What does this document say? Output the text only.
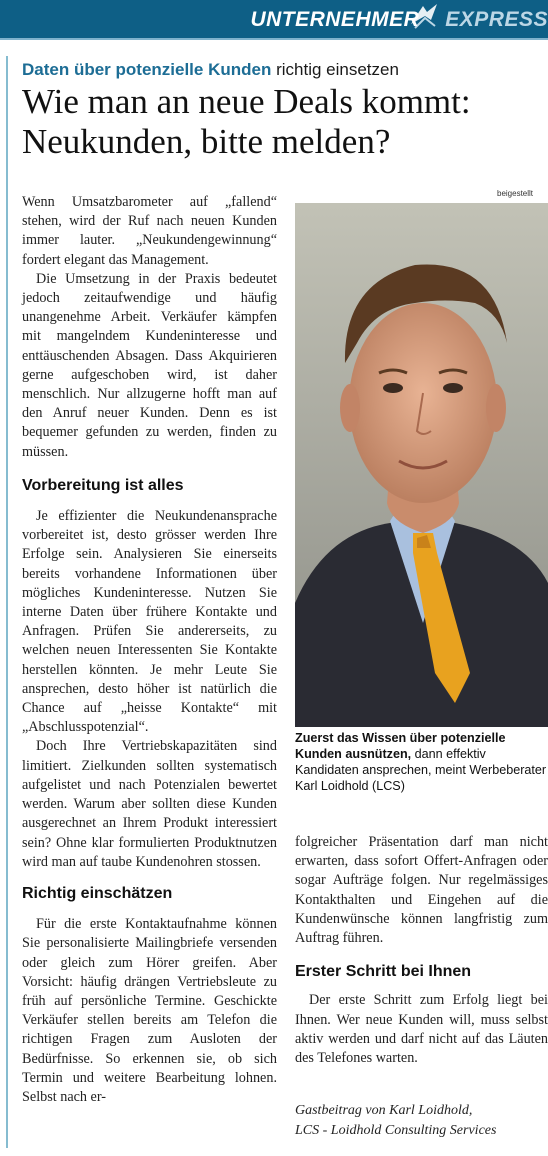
UNTERNEHMER EXPRESS
Daten über potenzielle Kunden richtig einsetzen
Wie man an neue Deals kommt:
Neukunden, bitte melden?

Wenn Umsatzbarometer auf „fallend“ stehen, wird der Ruf nach neuen Kunden immer lauter. „Neukundengewinnung“ fordert elegant das Management.

Die Umsetzung in der Praxis bedeutet jedoch zeitaufwendige und häufig unangenehme Arbeit. Verkäufer kämpfen mit mangelndem Kundeninteresse und enttäuschenden Absagen. Dass Akquirieren gerne aufgeschoben wird, ist daher menschlich. Nur allzugerne hofft man auf den Anruf neuer Kunden. Denn es ist bequemer gefunden zu werden, finden zu müssen.

Vorbereitung ist alles

Je effizienter die Neukundenansprache vorbereitet ist, desto grösser werden Ihre Erfolge sein. Analysieren Sie einerseits bereits vorhandene Informationen über mögliches Kundeninteresse. Nutzen Sie interne Daten über frühere Kontakte und Anfragen. Prüfen Sie andererseits, zu welchen neuen Interessenten Sie Kontakte herstellen könnten. Je mehr Leute Sie ansprechen, desto höher ist natürlich die Chance auf „heisse Kontakte“ mit „Abschlusspotenzial“.

Doch Ihre Vertriebskapazitäten sind limitiert. Zielkunden sollten systematisch aufgelistet und nach Potenzialen bewertet werden. Warum aber sollten diese Kunden ausgerechnet an Ihrem Produkt interessiert sein? Ohne klar formulierten Produktnutzen wird man auf taube Kundenohren stossen.

Richtig einschätzen

Für die erste Kontaktaufnahme können Sie personalisierte Mailingbriefe versenden oder gleich zum Hörer greifen. Aber Vorsicht: häufig drängen Vertriebsleute zu früh auf persönliche Termine. Geschickte Verkäufer stellen bereits am Telefon die richtigen Fragen zum Ausloten der Bedürfnisse. So erkennen sie, ob sich Termin und weitere Bearbeitung lohnen. Selbst nach er-

beigestellt
Zuerst das Wissen über potenzielle Kunden ausnützen, dann effektiv Kandidaten ansprechen, meint Werbeberater Karl Loidhold (LCS)

folgreicher Präsentation darf man nicht erwarten, dass sofort Offert-Anfragen oder sogar Aufträge folgen. Nur regelmässiges Kontakthalten und Eingehen auf die Kundenwünsche können langfristig zum Auftrag führen.

Erster Schritt bei Ihnen

Der erste Schritt zum Erfolg liegt bei Ihnen. Wer neue Kunden will, muss selbst aktiv werden und darf nicht auf das Läuten des Telefones warten.

Gastbeitrag von Karl Loidhold,
LCS - Loidhold Consulting Services
